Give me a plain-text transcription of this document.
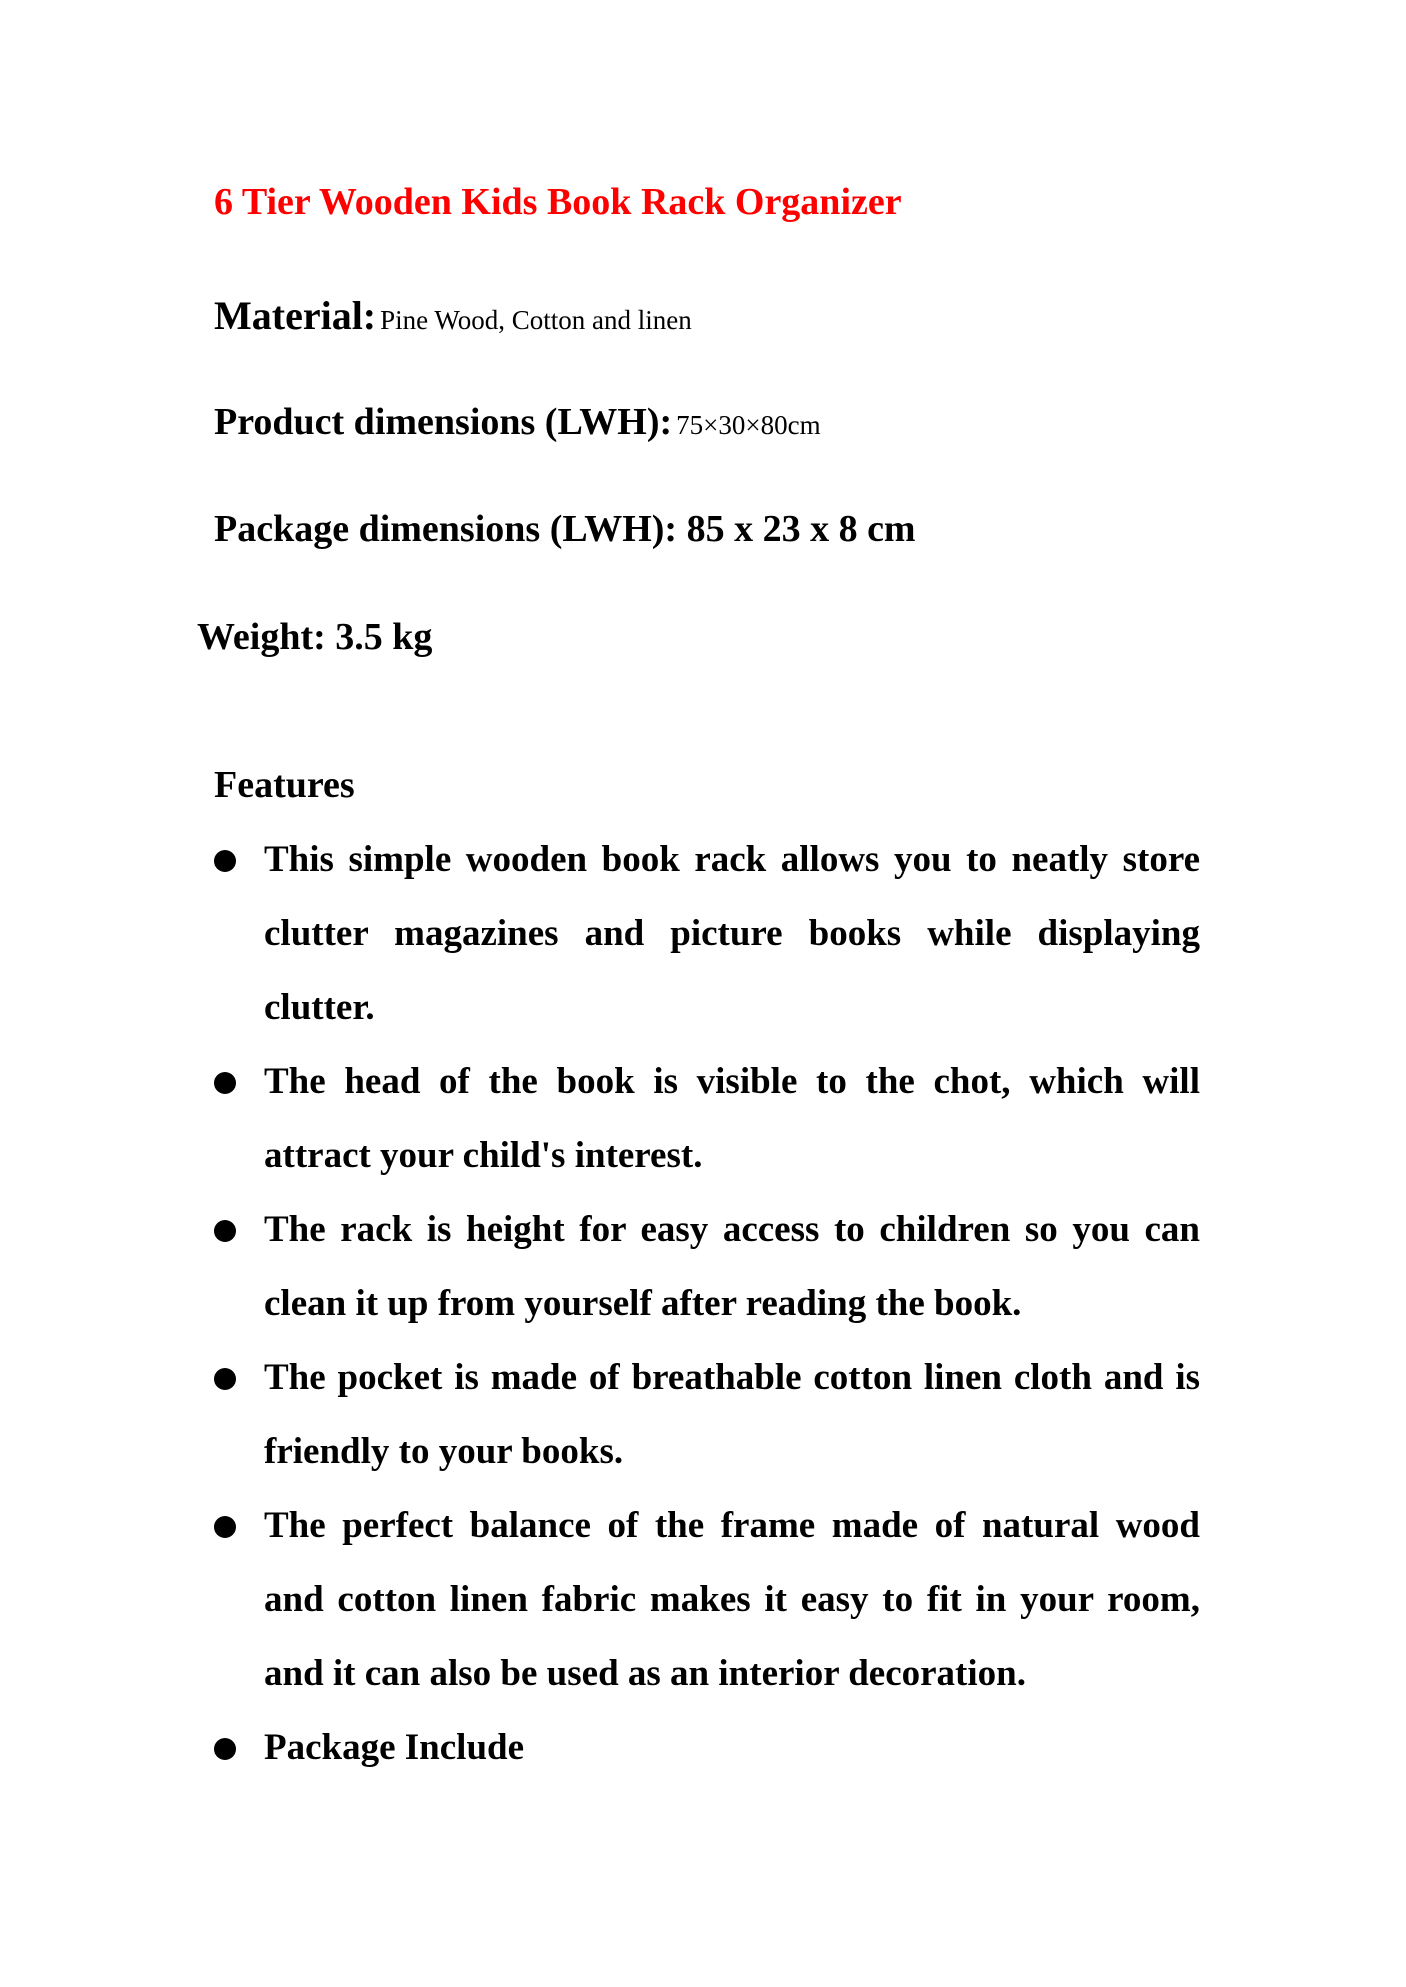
6 Tier Wooden Kids Book Rack Organizer
Material: Pine Wood, Cotton and linen
Product dimensions (LWH): 75×30×80cm
Package dimensions (LWH): 85 x 23 x 8 cm
Weight: 3.5 kg
Features
This simple wooden book rack allows you to neatly store clutter magazines and picture books while displaying clutter.
The head of the book is visible to the chot, which will attract your child's interest.
The rack is height for easy access to children so you can clean it up from yourself after reading the book.
The pocket is made of breathable cotton linen cloth and is friendly to your books.
The perfect balance of the frame made of natural wood and cotton linen fabric makes it easy to fit in your room, and it can also be used as an interior decoration.
Package Include
